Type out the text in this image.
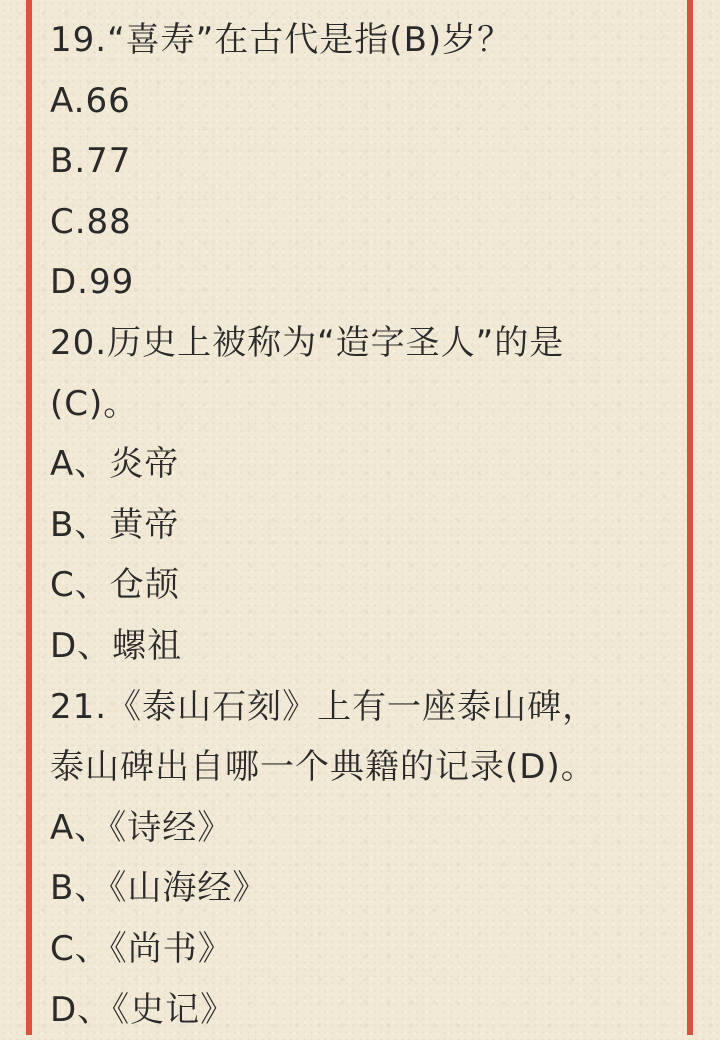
19.“喜寿”在古代是指(B)岁？
A.66
B.77
C.88
D.99
20.历史上被称为“造字圣人”的是
(C)。
A、炎帝
B、黄帝
C、仓颉
D、螺祖
21.《泰山石刻》上有一座泰山碑，
泰山碑出自哪一个典籍的记录(D)。
A、《诗经》
B、《山海经》
C、《尚书》
D、《史记》
